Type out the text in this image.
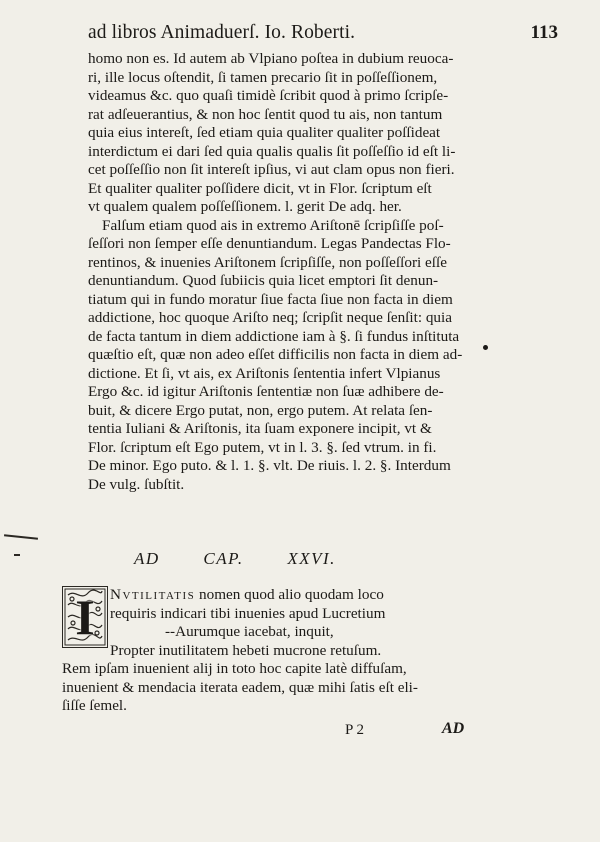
ad libros Animaduerſ. Io. Roberti.	113
homo non es. Id autem ab Vlpiano poſtea in dubium reuoca-
ri, ille locus oſtendit, ſi tamen precario ſit in poſſeſſionem,
videamus &c. quo quaſi timidè ſcribit quod à primo ſcripſe-
rat adſeuerantius, & non hoc ſentit quod tu ais, non tantum
quia eius intereſt, ſed etiam quia qualiter qualiter poſſideat
interdictum ei dari ſed quia qualis qualis ſit poſſeſſio id eſt li-
cet poſſeſſio non ſit intereſt ipſius, vi aut clam opus non fieri.
Et qualiter qualiter poſſidere dicit, vt in Flor. ſcriptum eſt
vt qualem qualem poſſeſſionem. l. gerit De adq. her.
Falſum etiam quod ais in extremo Ariſtonē ſcripſiſſe poſ-
ſeſſori non ſemper eſſe denuntiandum. Legas Pandectas Flo-
rentinos, & inuenies Ariſtonem ſcripſiſſe, non poſſeſſori eſſe
denuntiandum. Quod ſubiicis quia licet emptori ſit denun-
tiatum qui in fundo moratur ſiue facta ſiue non facta in diem
addictione, hoc quoque Ariſto neq; ſcripſit neque ſenſit: quia
de facta tantum in diem addictione iam à §. ſi fundus inſtituta
quæſtio eſt, quæ non adeo eſſet difficilis non facta in diem ad-
dictione. Et ſi, vt ais, ex Ariſtonis ſententia infert Vlpianus
Ergo &c. id igitur Ariſtonis ſententiæ non ſuæ adhibere de-
buit, & dicere Ergo putat, non, ergo putem. At relata ſen-
tentia Iuliani & Ariſtonis, ita ſuam exponere incipit, vt &
Flor. ſcriptum eſt Ego putem, vt in l. 3. §. ſed vtrum. in fi.
De minor. Ego puto. & l. 1. §. vlt. De riuis. l. 2. §. Interdum
De vulg. ſubſtit.
AD CAP. XXVI.
I	Nvtilitatis nomen quod alio quodam loco
requiris indicari tibi inuenies apud Lucretium
--Aurumque iacebat, inquit,
Propter inutilitatem hebeti mucrone retuſum.
Rem ipſam inuenient alij in toto hoc capite latè diffuſam,
inuenient & mendacia iterata eadem, quæ mihi ſatis eſt eli-
ſiſſe ſemel.
P 2	AD
